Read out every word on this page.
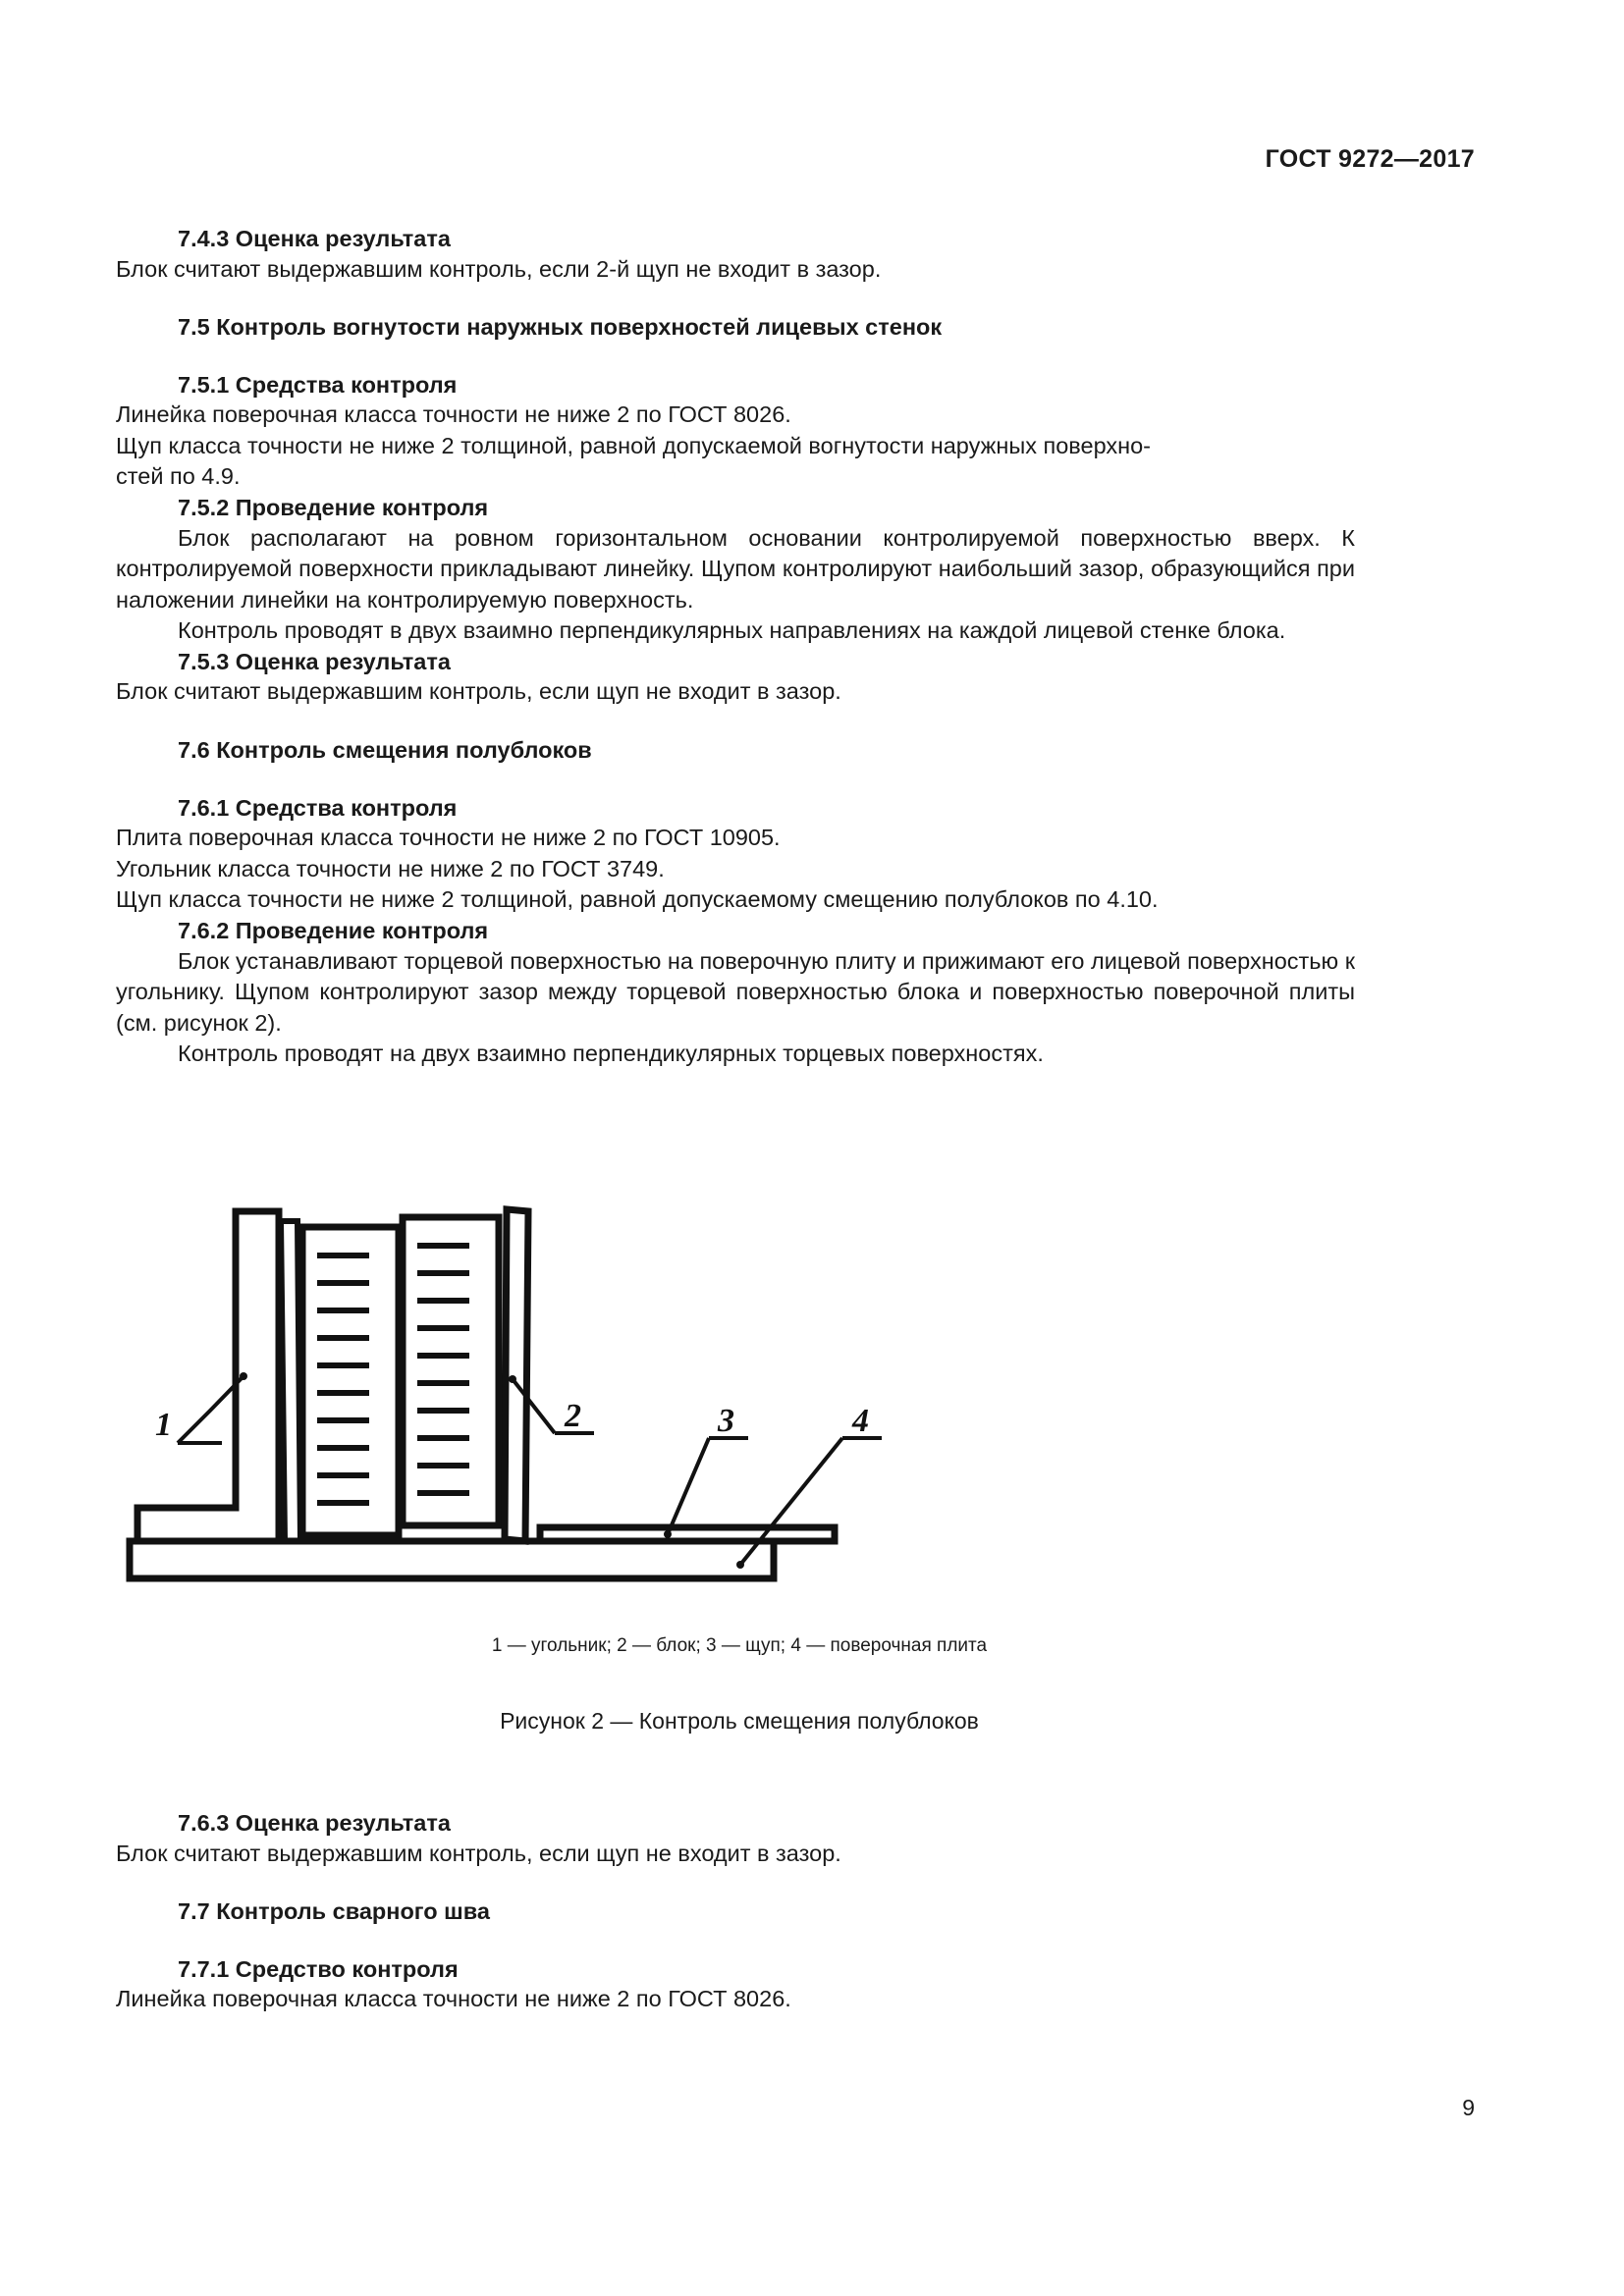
ГОСТ 9272—2017
7.4.3 Оценка результата

Блок считают выдержавшим контроль, если 2-й щуп не входит в зазор.

7.5 Контроль вогнутости наружных поверхностей лицевых стенок
7.5.1 Средства контроля

Линейка поверочная класса точности не ниже 2 по ГОСТ 8026.

Щуп класса точности не ниже 2 толщиной, равной допускаемой вогнутости наружных поверхно-

стей по 4.9.

7.5.2 Проведение контроля

Блок располагают на ровном горизонтальном основании контролируемой поверхностью вверх. К контролируемой поверхности прикладывают линейку. Щупом контролируют наибольший зазор, образующийся при наложении линейки на контролируемую поверхность.

Контроль проводят в двух взаимно перпендикулярных направлениях на каждой лицевой стенке блока.

7.5.3 Оценка результата

Блок считают выдержавшим контроль, если щуп не входит в зазор.

7.6 Контроль смещения полублоков
7.6.1 Средства контроля

Плита поверочная класса точности не ниже 2 по ГОСТ 10905.

Угольник класса точности не ниже 2 по ГОСТ 3749.

Щуп класса точности не ниже 2 толщиной, равной допускаемому смещению полублоков по 4.10.

7.6.2 Проведение контроля

Блок устанавливают торцевой поверхностью на поверочную плиту и прижимают его лицевой поверхностью к угольнику. Щупом контролируют зазор между торцевой поверхностью блока и поверхностью поверочной плиты (см. рисунок 2).

Контроль проводят на двух взаимно перпендикулярных торцевых поверхностях.

1	2	3	4
1 — угольник; 2 — блок; 3 — щуп; 4 — поверочная плита
Рисунок 2 — Контроль смещения полублоков
7.6.3 Оценка результата

Блок считают выдержавшим контроль, если щуп не входит в зазор.

7.7 Контроль сварного шва
7.7.1 Средство контроля

Линейка поверочная класса точности не ниже 2 по ГОСТ 8026.

9
